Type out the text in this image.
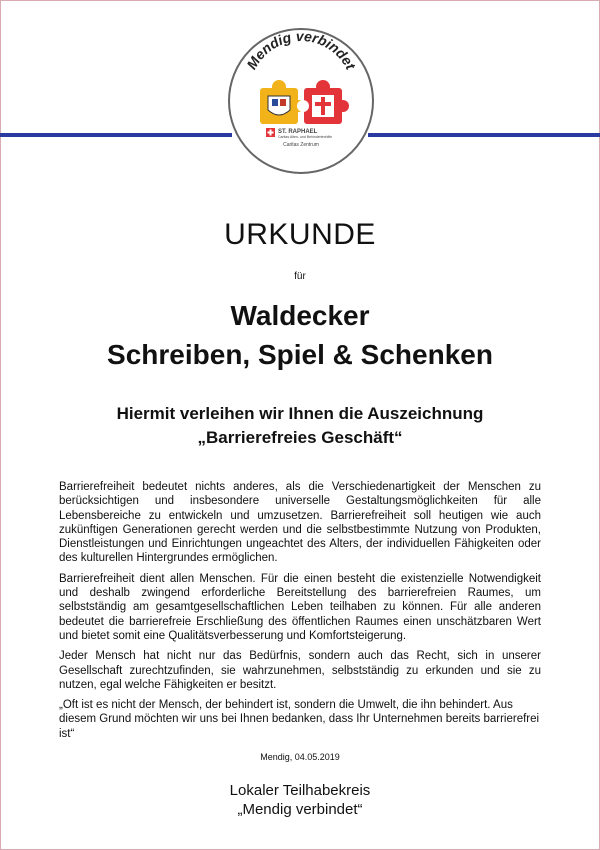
Mendig verbindet
ST. RAPHAEL
Caritas Alten- und Behindertenhilfe
Caritas Zentrum
URKUNDE
für
Waldecker
Schreiben, Spiel & Schenken
Hiermit verleihen wir Ihnen die Auszeichnung
„Barrierefreies Geschäft“

Barrierefreiheit bedeutet nichts anderes, als die Verschiedenartigkeit der Menschen zu berücksichtigen und insbesondere universelle Gestaltungsmöglichkeiten für alle Lebensbereiche zu entwickeln und umzusetzen. Barrierefreiheit soll heutigen wie auch zukünftigen Generationen gerecht werden und die selbstbestimmte Nutzung von Produkten, Dienstleistungen und Einrichtungen ungeachtet des Alters, der individuellen Fähigkeiten oder des kulturellen Hintergrundes ermöglichen.

Barrierefreiheit dient allen Menschen. Für die einen besteht die existenzielle Notwendigkeit und deshalb zwingend erforderliche Bereitstellung des barrierefreien Raumes, um selbstständig am gesamtgesellschaftlichen Leben teilhaben zu können. Für alle anderen bedeutet die barrierefreie Erschließung des öffentlichen Raumes einen unschätzbaren Wert und bietet somit eine Qualitätsverbesserung und Komfortsteigerung.

Jeder Mensch hat nicht nur das Bedürfnis, sondern auch das Recht, sich in unserer Gesellschaft zurechtzufinden, sie wahrzunehmen, selbstständig zu erkunden und sie zu nutzen, egal welche Fähigkeiten er besitzt.

„Oft ist es nicht der Mensch, der behindert ist, sondern die Umwelt, die ihn behindert. Aus diesem Grund möchten wir uns bei Ihnen bedanken, dass Ihr Unternehmen bereits barrierefrei ist“

Mendig, 04.05.2019
Lokaler Teilhabekreis
„Mendig verbindet“
